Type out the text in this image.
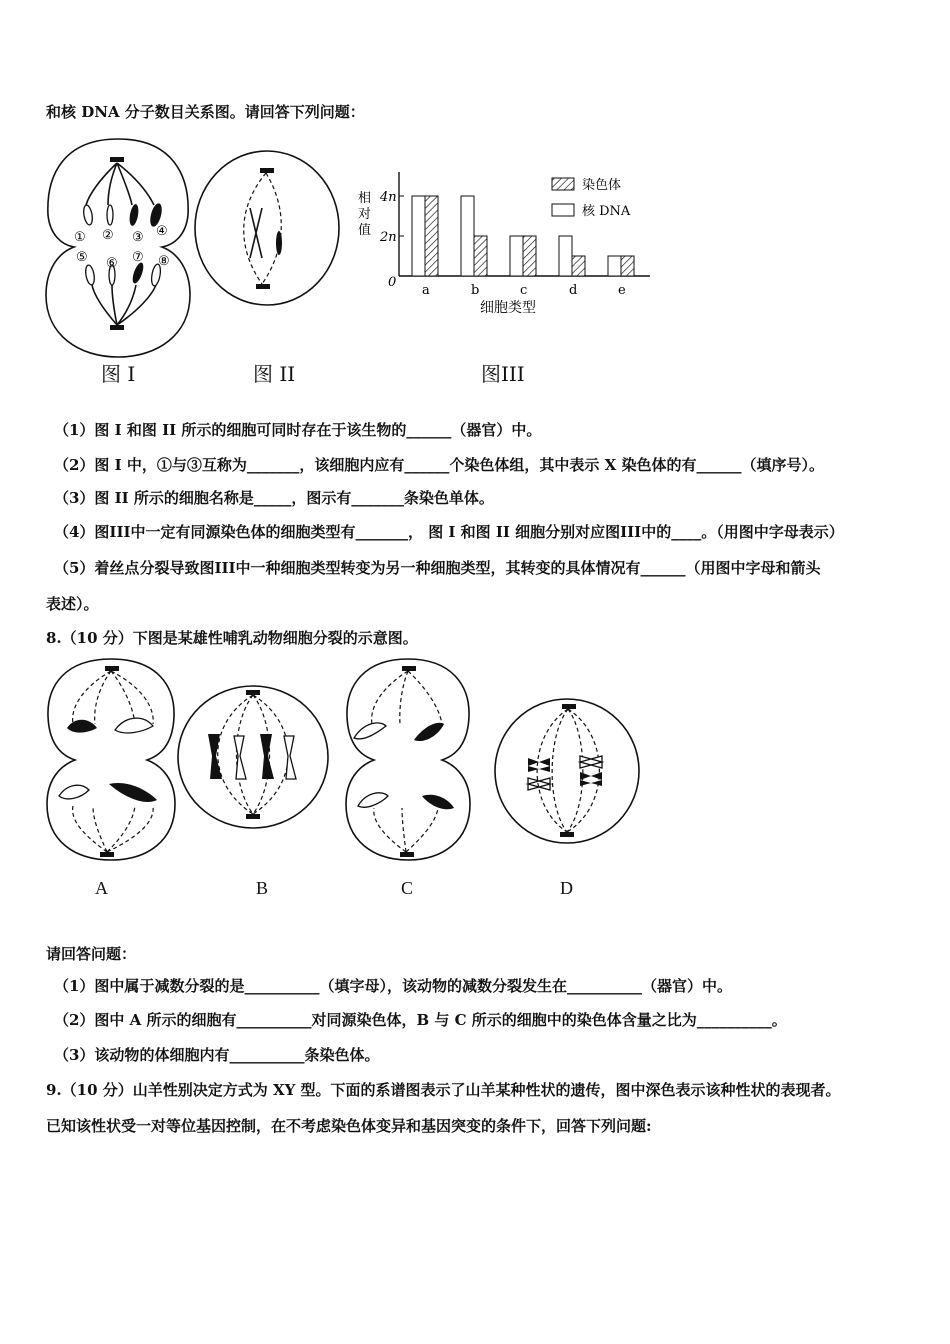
和核 DNA 分子数目关系图。请回答下列问题：
① ② ③ ④
⑤ ⑥ ⑦ ⑧
相
对
值
a	b	c	d	e
0
2n
4n
染色体
核 DNA
细胞类型
图 I	图 II	图III
（1）图 I 和图 II 所示的细胞可同时存在于该生物的______（器官）中。
（2）图 I 中，①与③互称为_______，该细胞内应有______个染色体组，其中表示 X 染色体的有______（填序号）。
（3）图 II 所示的细胞名称是_____，图示有_______条染色单体。
（4）图III中一定有同源染色体的细胞类型有_______， 图 I 和图 II 细胞分别对应图III中的____。（用图中字母表示）
（5）着丝点分裂导致图III中一种细胞类型转变为另一种细胞类型，其转变的具体情况有______（用图中字母和箭头
表述）。
8.（10 分）下图是某雄性哺乳动物细胞分裂的示意图。
A	B	C	D
请回答问题：
（1）图中属于减数分裂的是__________（填字母），该动物的减数分裂发生在__________（器官）中。
（2）图中 A 所示的细胞有__________对同源染色体，B 与 C 所示的细胞中的染色体含量之比为__________。
（3）该动物的体细胞内有__________条染色体。
9.（10 分）山羊性别决定方式为 XY 型。下面的系谱图表示了山羊某种性状的遗传，图中深色表示该种性状的表现者。
已知该性状受一对等位基因控制，在不考虑染色体变异和基因突变的条件下，回答下列问题:
